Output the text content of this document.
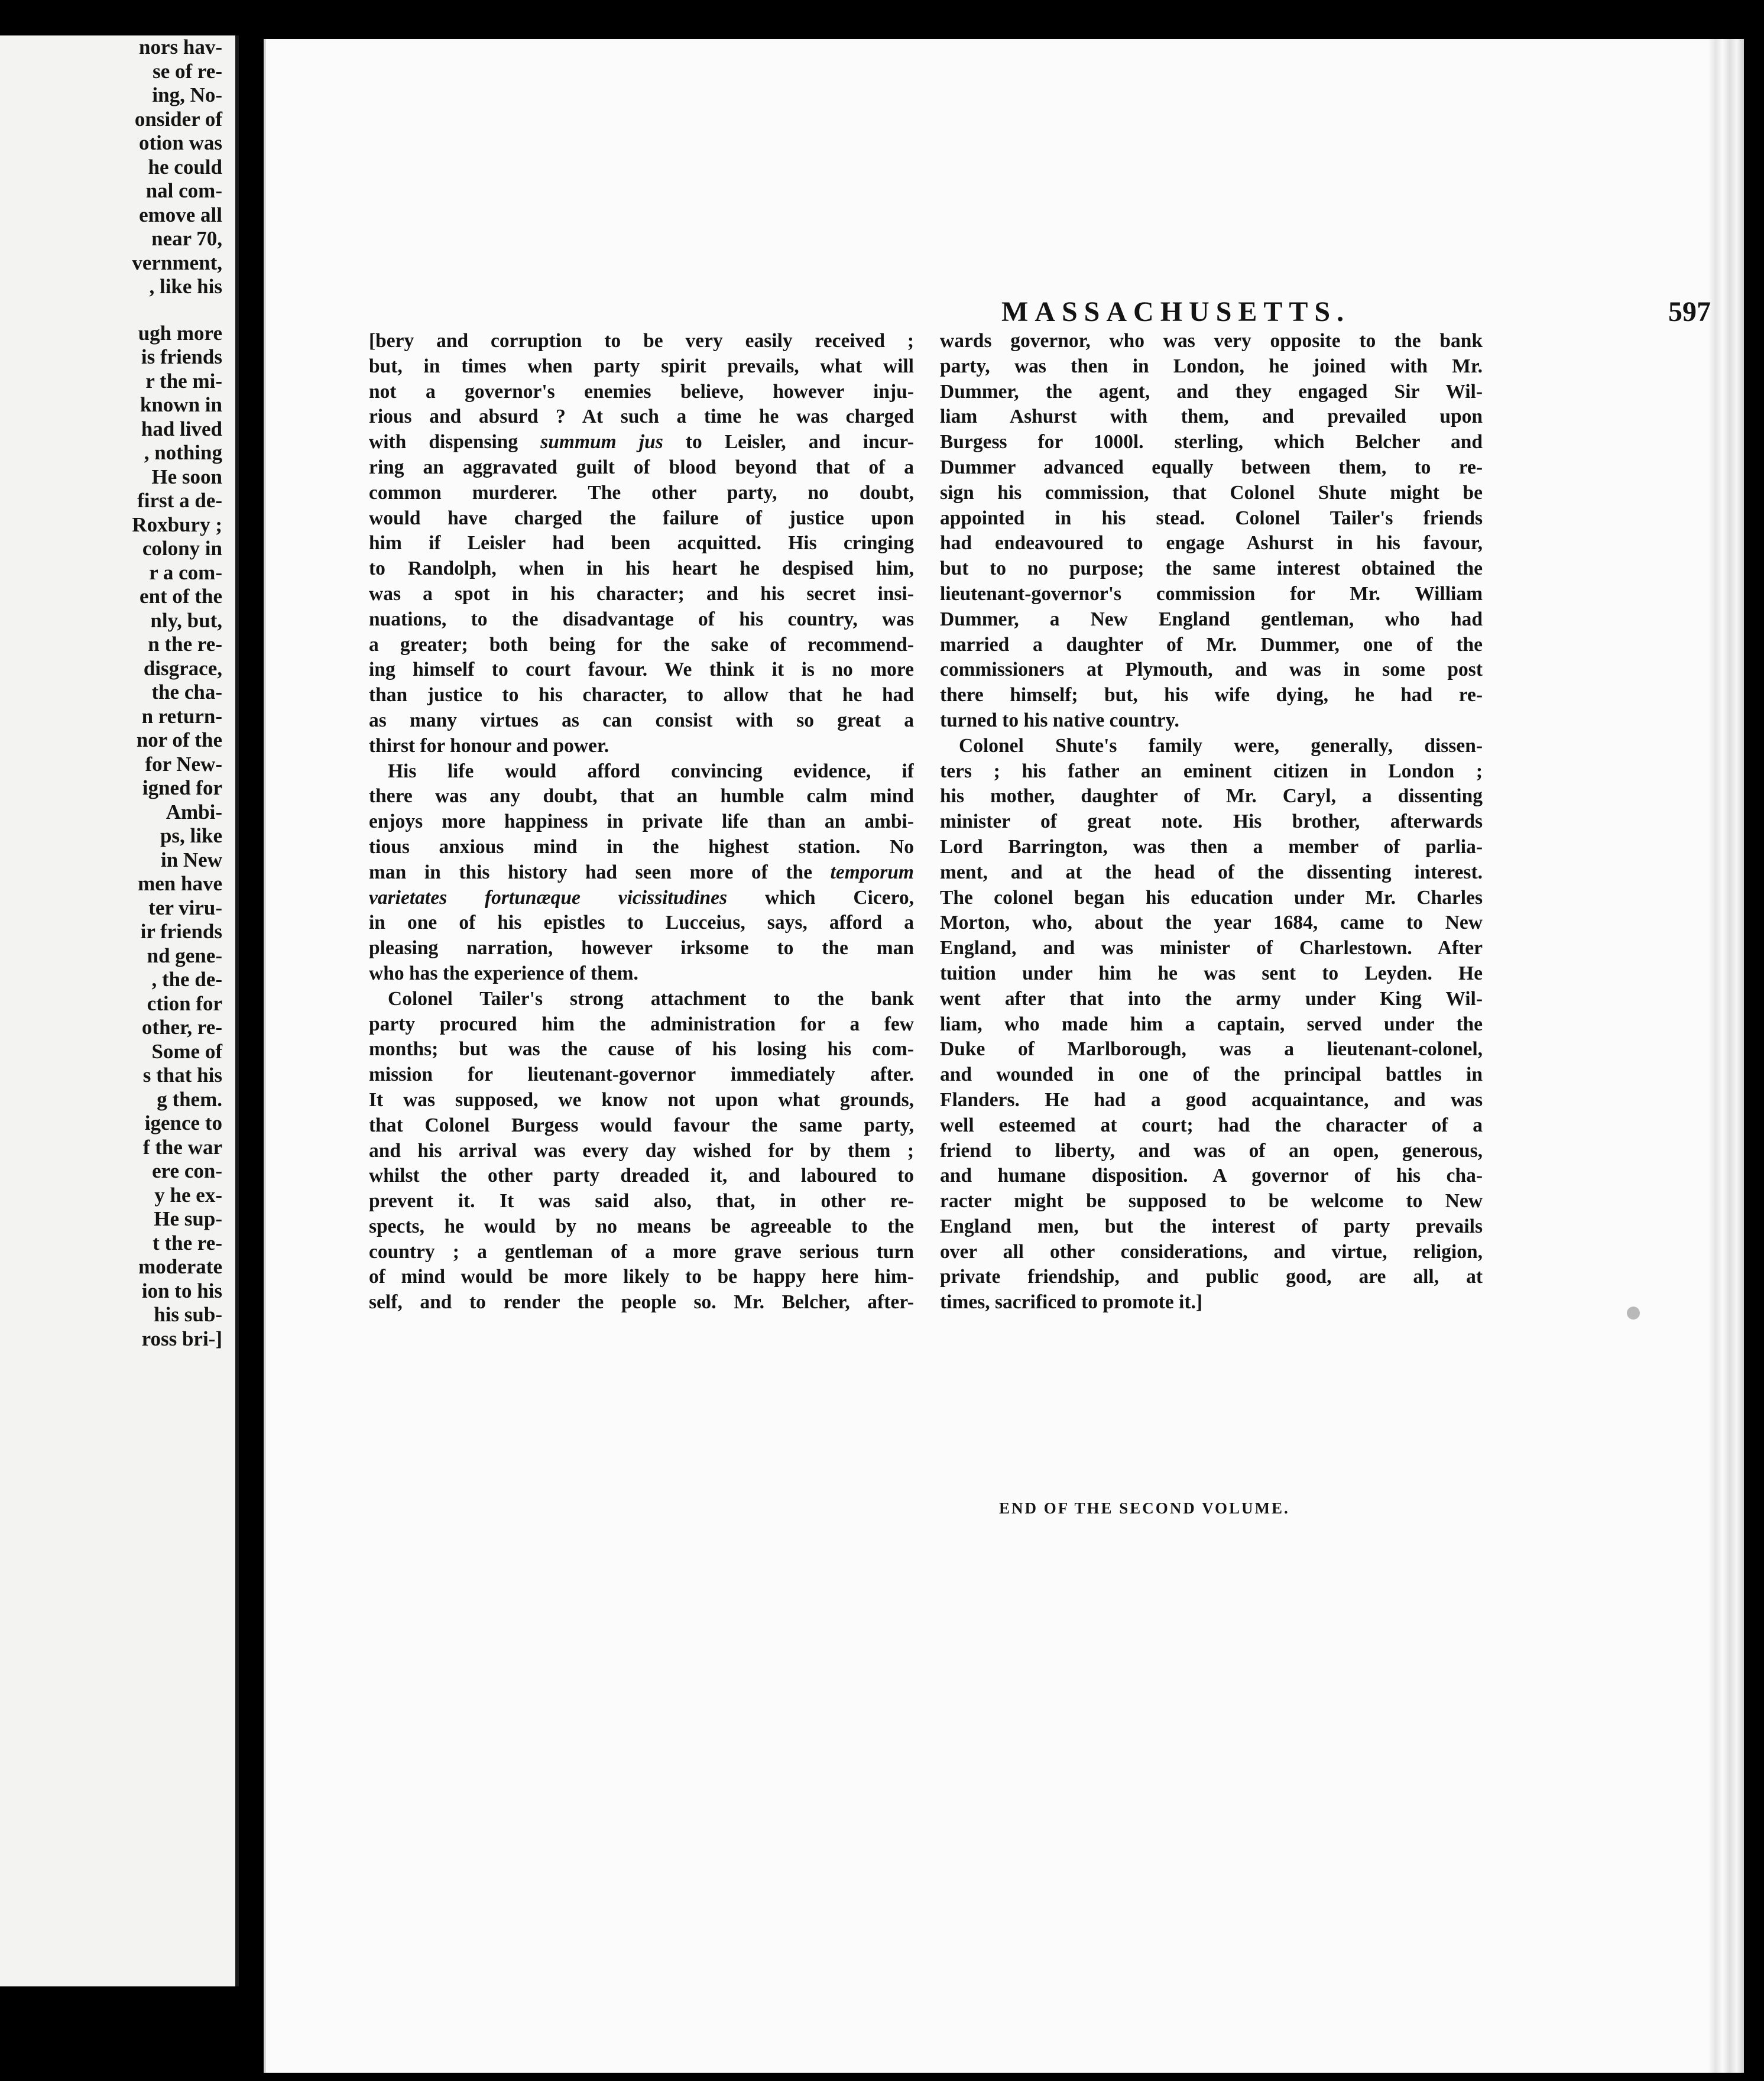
nors hav-
se of re-
ing, No-
onsider of
otion was
he could
nal com-
emove all
near 70,
vernment,
, like his
ugh more
is friends
r the mi-
known in
had lived
, nothing
He soon
first a de-
Roxbury ;
colony in
r a com-
ent of the
nly, but,
n the re-
disgrace,
the cha-
n return-
nor of the
for New-
igned for
Ambi-
ps, like
in New
men have
ter viru-
ir friends
nd gene-
, the de-
ction for
other, re-
Some of
s that his
g them.
igence to
f the war
ere con-
y he ex-
He sup-
t the re-
moderate
ion to his
his sub-
ross bri-]
MASSACHUSETTS.	597
[bery and corruption to be very easily received ;
but, in times when party spirit prevails, what will
not a governor's enemies believe, however inju-
rious and absurd ? At such a time he was charged
with dispensing summum jus to Leisler, and incur-
ring an aggravated guilt of blood beyond that of a
common murderer. The other party, no doubt,
would have charged the failure of justice upon
him if Leisler had been acquitted. His cringing
to Randolph, when in his heart he despised him,
was a spot in his character; and his secret insi-
nuations, to the disadvantage of his country, was
a greater; both being for the sake of recommend-
ing himself to court favour. We think it is no more
than justice to his character, to allow that he had
as many virtues as can consist with so great a
thirst for honour and power.
His life would afford convincing evidence, if
there was any doubt, that an humble calm mind
enjoys more happiness in private life than an ambi-
tious anxious mind in the highest station. No
man in this history had seen more of the temporum
varietates fortunæque vicissitudines which Cicero,
in one of his epistles to Lucceius, says, afford a
pleasing narration, however irksome to the man
who has the experience of them.
Colonel Tailer's strong attachment to the bank
party procured him the administration for a few
months; but was the cause of his losing his com-
mission for lieutenant-governor immediately after.
It was supposed, we know not upon what grounds,
that Colonel Burgess would favour the same party,
and his arrival was every day wished for by them ;
whilst the other party dreaded it, and laboured to
prevent it. It was said also, that, in other re-
spects, he would by no means be agreeable to the
country ; a gentleman of a more grave serious turn
of mind would be more likely to be happy here him-
self, and to render the people so. Mr. Belcher, after-
wards governor, who was very opposite to the bank
party, was then in London, he joined with Mr.
Dummer, the agent, and they engaged Sir Wil-
liam Ashurst with them, and prevailed upon
Burgess for 1000l. sterling, which Belcher and
Dummer advanced equally between them, to re-
sign his commission, that Colonel Shute might be
appointed in his stead. Colonel Tailer's friends
had endeavoured to engage Ashurst in his favour,
but to no purpose; the same interest obtained the
lieutenant-governor's commission for Mr. William
Dummer, a New England gentleman, who had
married a daughter of Mr. Dummer, one of the
commissioners at Plymouth, and was in some post
there himself; but, his wife dying, he had re-
turned to his native country.
Colonel Shute's family were, generally, dissen-
ters ; his father an eminent citizen in London ;
his mother, daughter of Mr. Caryl, a dissenting
minister of great note. His brother, afterwards
Lord Barrington, was then a member of parlia-
ment, and at the head of the dissenting interest.
The colonel began his education under Mr. Charles
Morton, who, about the year 1684, came to New
England, and was minister of Charlestown. After
tuition under him he was sent to Leyden. He
went after that into the army under King Wil-
liam, who made him a captain, served under the
Duke of Marlborough, was a lieutenant-colonel,
and wounded in one of the principal battles in
Flanders. He had a good acquaintance, and was
well esteemed at court; had the character of a
friend to liberty, and was of an open, generous,
and humane disposition. A governor of his cha-
racter might be supposed to be welcome to New
England men, but the interest of party prevails
over all other considerations, and virtue, religion,
private friendship, and public good, are all, at
times, sacrificed to promote it.]
END OF THE SECOND VOLUME.
